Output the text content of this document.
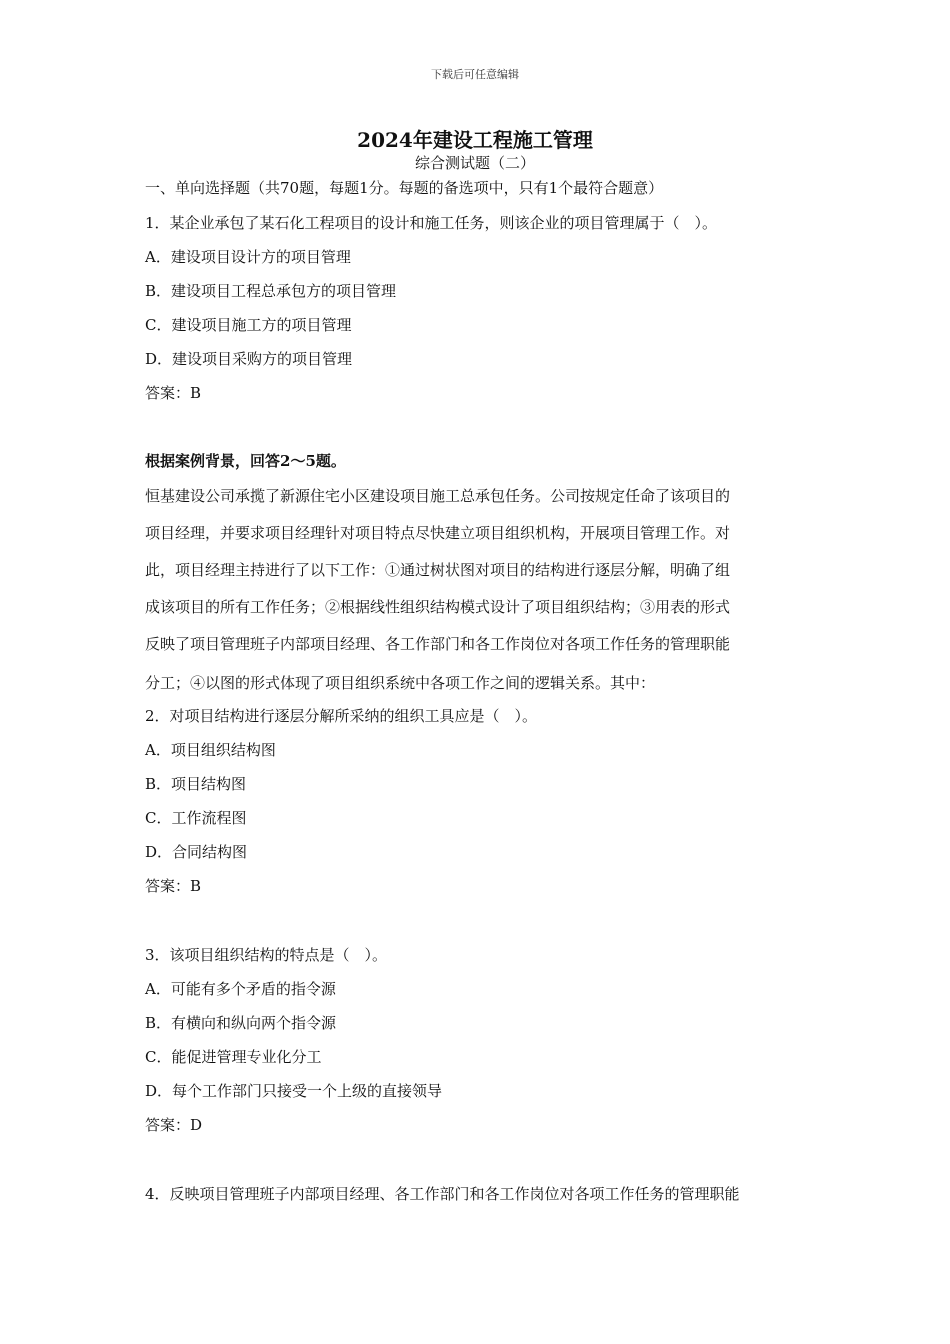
下载后可任意编辑
2024年建设工程施工管理
综合测试题（二）
一、单向选择题（共70题，每题1分。每题的备选项中，只有1个最符合题意）
1．某企业承包了某石化工程项目的设计和施工任务，则该企业的项目管理属于（　）。
A．建设项目设计方的项目管理
B．建设项目工程总承包方的项目管理
C．建设项目施工方的项目管理
D．建设项目采购方的项目管理
答案：B
根据案例背景，回答2～5题。
恒基建设公司承揽了新源住宅小区建设项目施工总承包任务。公司按规定任命了该项目的
项目经理，并要求项目经理针对项目特点尽快建立项目组织机构，开展项目管理工作。对
此，项目经理主持进行了以下工作：①通过树状图对项目的结构进行逐层分解，明确了组
成该项目的所有工作任务；②根据线性组织结构模式设计了项目组织结构；③用表的形式
反映了项目管理班子内部项目经理、各工作部门和各工作岗位对各项工作任务的管理职能
分工；④以图的形式体现了项目组织系统中各项工作之间的逻辑关系。其中：
2．对项目结构进行逐层分解所采纳的组织工具应是（　）。
A．项目组织结构图
B．项目结构图
C．工作流程图
D．合同结构图
答案：B
3．该项目组织结构的特点是（　）。
A．可能有多个矛盾的指令源
B．有横向和纵向两个指令源
C．能促进管理专业化分工
D．每个工作部门只接受一个上级的直接领导
答案：D
4．反映项目管理班子内部项目经理、各工作部门和各工作岗位对各项工作任务的管理职能
